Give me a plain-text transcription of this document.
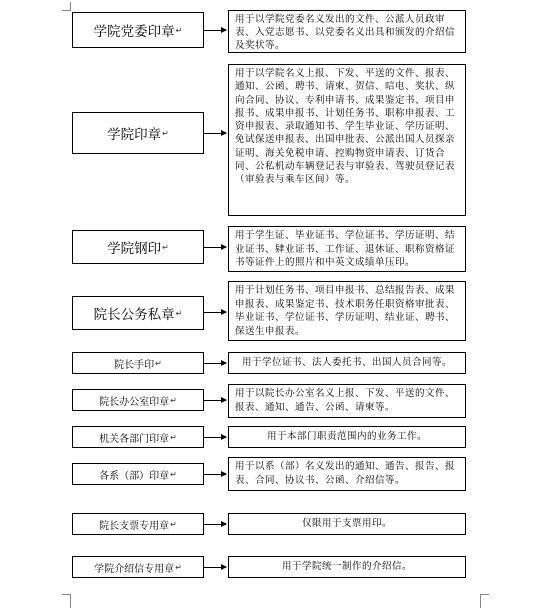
学院党委印章 ↵
用于以学院党委名义发出的文件、公派人员政审表、入党志愿书、以党委名义出具和颁发的介绍信及奖状等。
学院印章 ↵
用于以学院名义上报、下发、平送的文件、报表、通知、公函、聘书、请柬、贺信、唁电、奖状、纵向合同、协议、专利申请书、成果鉴定书、项目申报书、成果申报书、计划任务书、职称申报表、工资申报表、录取通知书、学生毕业证、学历证明、免试保送申报表、出国申批表、公派出国人员探亲证明、海关免税申请、控购物资申请表、订货合同、公私机动车辆登记表与审验表、驾驶员登记表（审验表与乘车区间）等。
学院钢印 ↵
用于学生证、毕业证书、学位证书、学历证明、结业证书、肄业证书、工作证、退休证、职称资格证书等证件上的照片和中英文成绩单压印。
院长公务私章 ↵
用于计划任务书、项目申报书、总结报告表、成果申报表、成果鉴定书、技术职务任职资格审批表、毕业证书、学位证书、学历证明、结业证、聘书、保送生申报表。
院长手印 ↵	用于学位证书、法人委托书、出国人员合同等。
院长办公室印章 ↵
用于以院长办公室名义上报、下发、平送的文件、报表、通知、通告、公函、请柬等。
机关各部门印章 ↵	用于本部门职责范围内的业务工作。
各系（部）印章 ↵
用于以系（部）名义发出的通知、通告、报告、报表、合同、协议书、公函、介绍信等。
院长支票专用章 ↵	仅限用于支票用印。
学院介绍信专用章 ↵	用于学院统一制作的介绍信。
